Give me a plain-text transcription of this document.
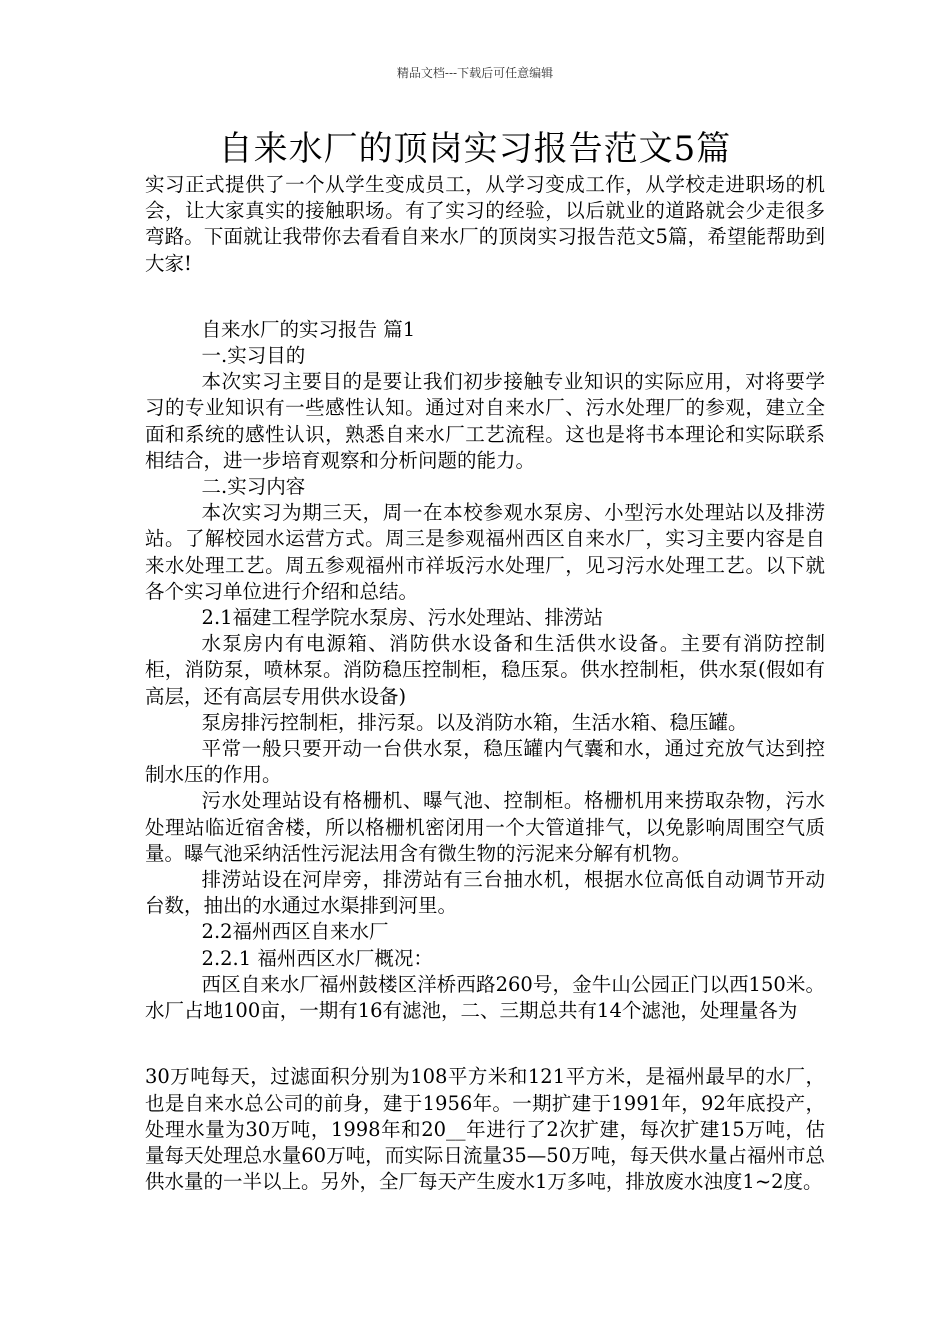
精品文档---下载后可任意编辑
自来水厂的顶岗实习报告范文5篇

实习正式提供了一个从学生变成员工，从学习变成工作，从学校走进职场的机会，让大家真实的接触职场。有了实习的经验，以后就业的道路就会少走很多弯路。下面就让我带你去看看自来水厂的顶岗实习报告范文5篇，希望能帮助到大家!

自来水厂的实习报告 篇1

一.实习目的

本次实习主要目的是要让我们初步接触专业知识的实际应用，对将要学习的专业知识有一些感性认知。通过对自来水厂、污水处理厂的参观，建立全面和系统的感性认识，熟悉自来水厂工艺流程。这也是将书本理论和实际联系相结合，进一步培育观察和分析问题的能力。

二.实习内容

本次实习为期三天，周一在本校参观水泵房、小型污水处理站以及排涝站。了解校园水运营方式。周三是参观福州西区自来水厂，实习主要内容是自来水处理工艺。周五参观福州市祥坂污水处理厂，见习污水处理工艺。以下就各个实习单位进行介绍和总结。

2.1福建工程学院水泵房、污水处理站、排涝站

水泵房内有电源箱、消防供水设备和生活供水设备。主要有消防控制柜，消防泵，喷林泵。消防稳压控制柜，稳压泵。供水控制柜，供水泵(假如有高层，还有高层专用供水设备)

泵房排污控制柜，排污泵。以及消防水箱，生活水箱、稳压罐。

平常一般只要开动一台供水泵，稳压罐内气囊和水，通过充放气达到控制水压的作用。

污水处理站设有格栅机、曝气池、控制柜。格栅机用来捞取杂物，污水处理站临近宿舍楼，所以格栅机密闭用一个大管道排气，以免影响周围空气质量。曝气池采纳活性污泥法用含有微生物的污泥来分解有机物。

排涝站设在河岸旁，排涝站有三台抽水机，根据水位高低自动调节开动台数，抽出的水通过水渠排到河里。

2.2福州西区自来水厂

2.2.1 福州西区水厂概况：

西区自来水厂福州鼓楼区洋桥西路260号，金牛山公园正门以西150米。水厂占地100亩，一期有16有滤池，二、三期总共有14个滤池，处理量各为

30万吨每天，过滤面积分别为108平方米和121平方米，是福州最早的水厂，也是自来水总公司的前身，建于1956年。一期扩建于1991年，92年底投产，处理水量为30万吨，1998年和20__年进行了2次扩建，每次扩建15万吨，估量每天处理总水量60万吨，而实际日流量35—50万吨，每天供水量占福州市总供水量的一半以上。另外，全厂每天产生废水1万多吨，排放废水浊度1~2度。
